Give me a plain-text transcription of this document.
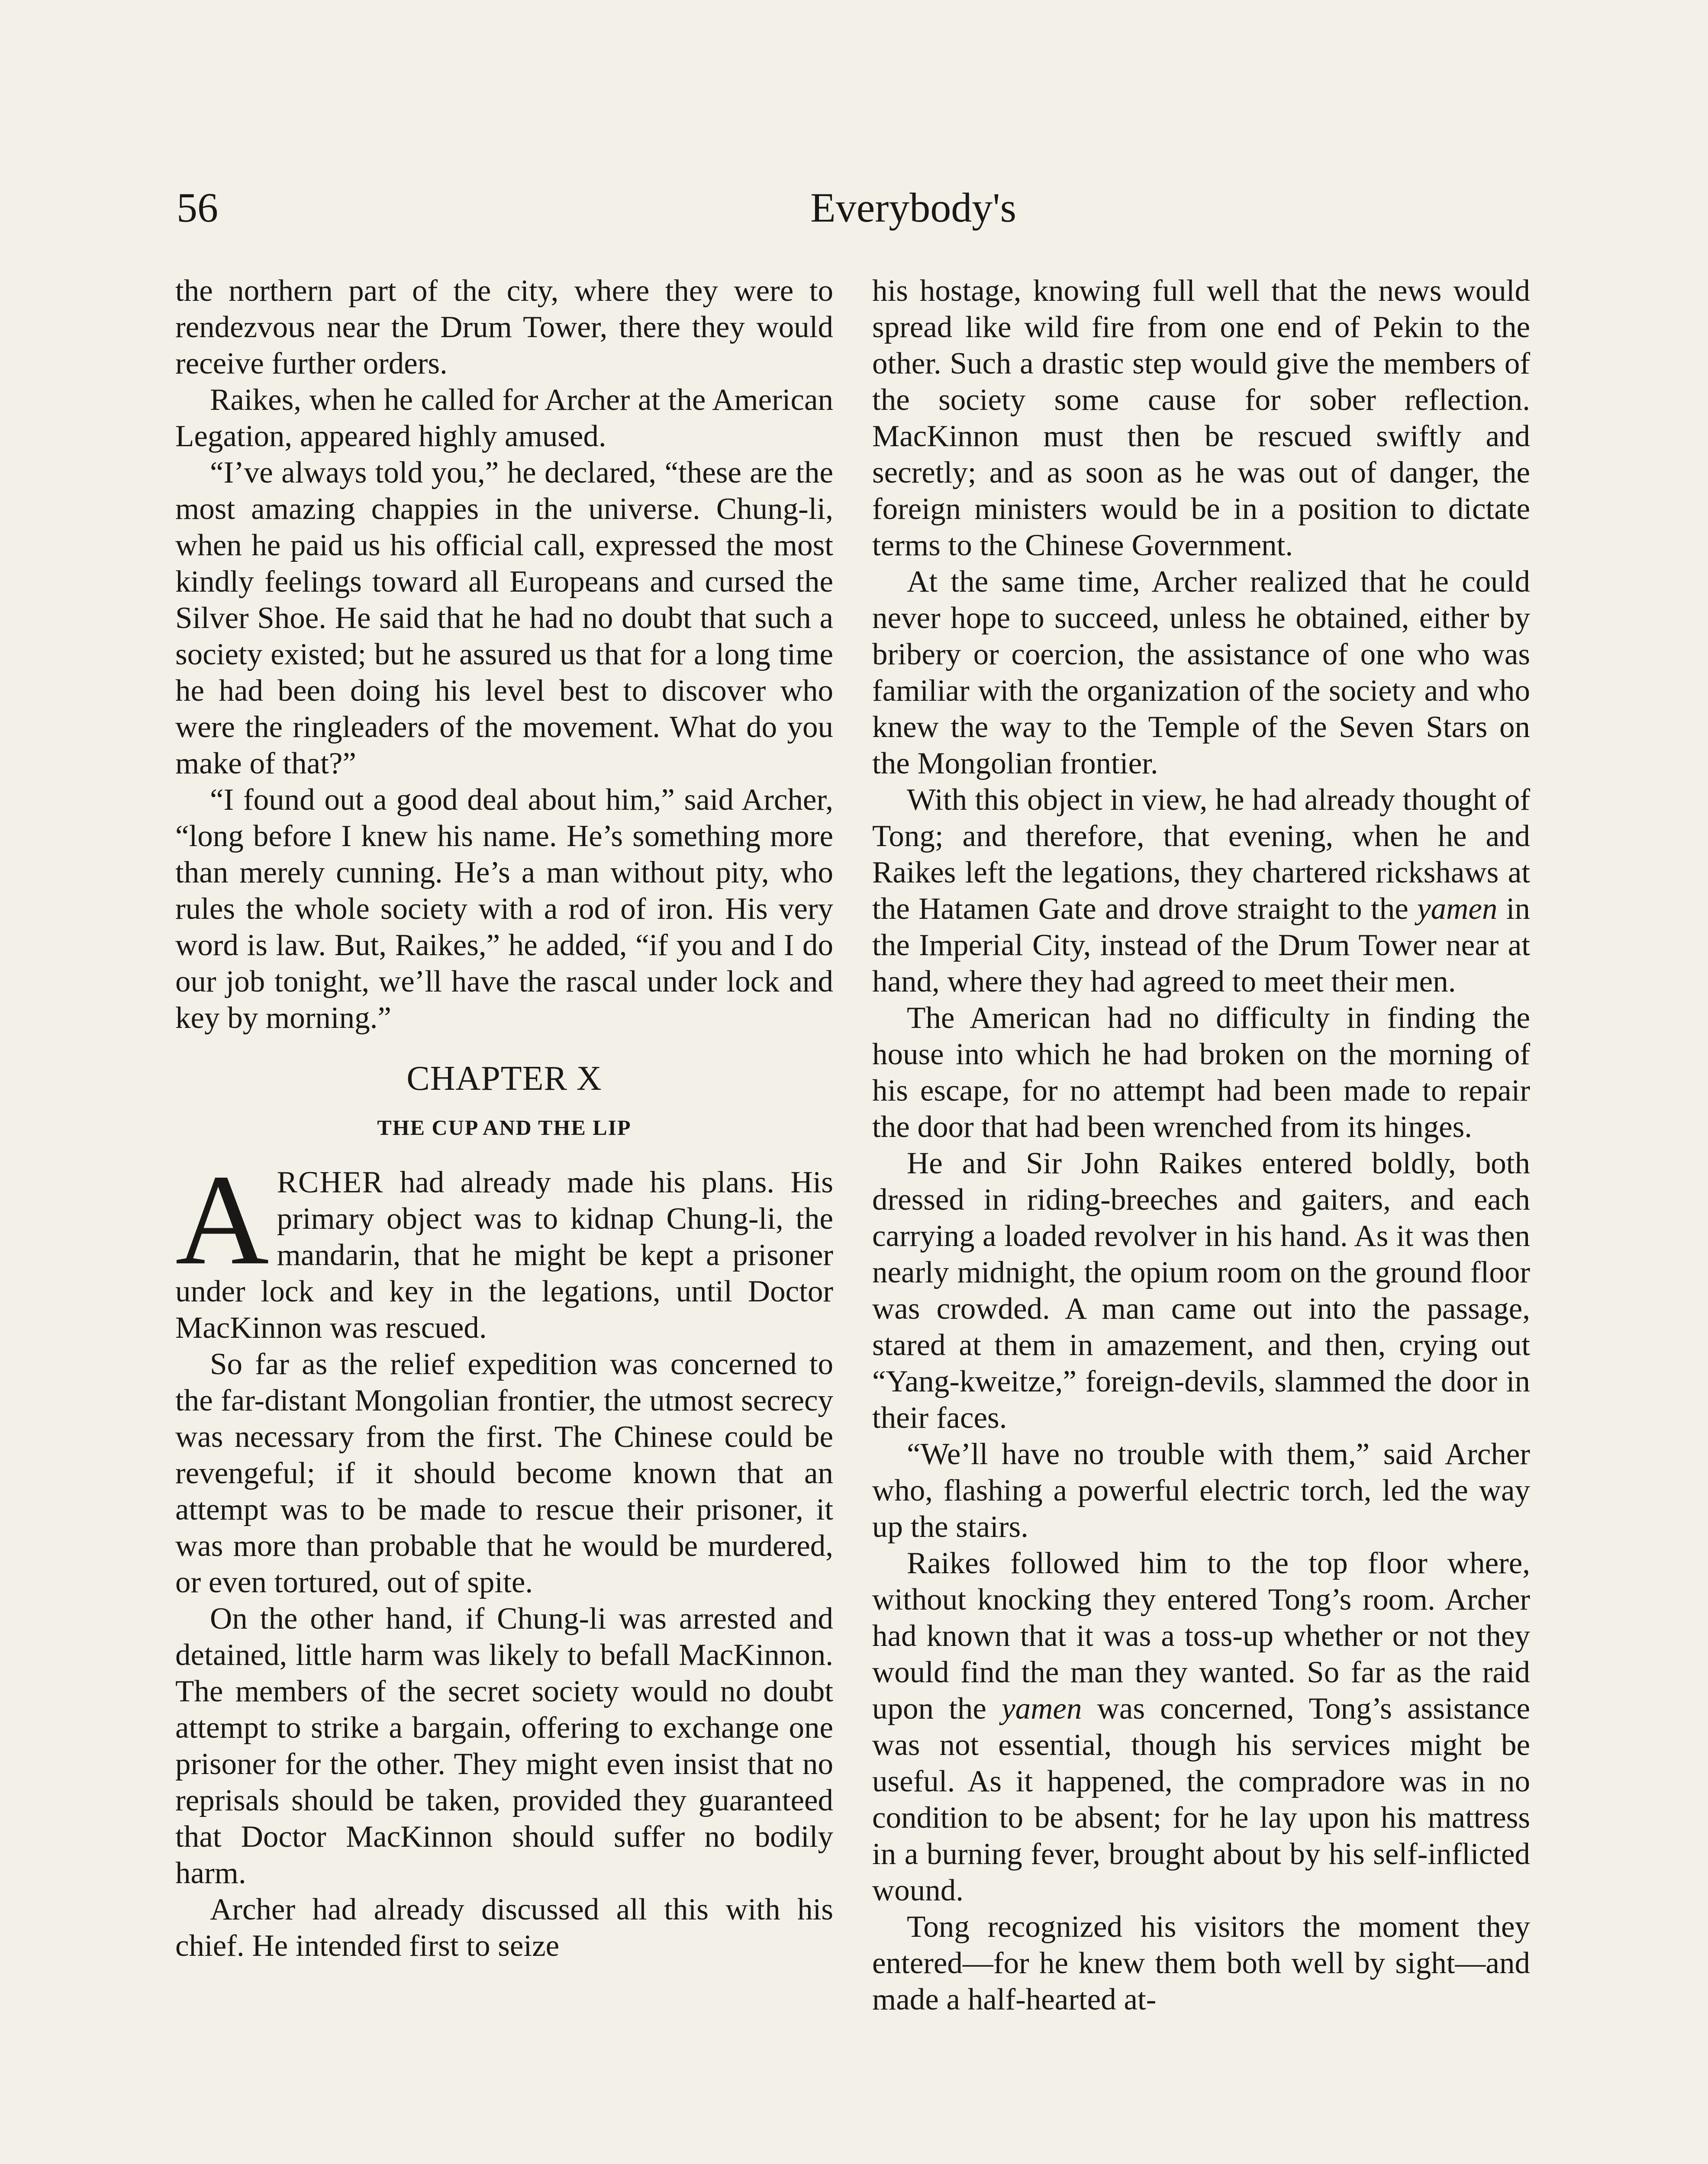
56	Everybody's

the northern part of the city, where they were to rendezvous near the Drum Tower, there they would receive further orders.

Raikes, when he called for Archer at the American Legation, appeared highly amused.

“I’ve always told you,” he declared, “these are the most amazing chappies in the universe. Chung-li, when he paid us his official call, expressed the most kindly feelings toward all Europeans and cursed the Silver Shoe. He said that he had no doubt that such a society existed; but he assured us that for a long time he had been doing his level best to discover who were the ringleaders of the movement. What do you make of that?”

“I found out a good deal about him,” said Archer, “long before I knew his name. He’s something more than merely cunning. He’s a man without pity, who rules the whole society with a rod of iron. His very word is law. But, Raikes,” he added, “if you and I do our job tonight, we’ll have the rascal under lock and key by morning.”

CHAPTER X
THE CUP AND THE LIP

ARCHER had already made his plans. His primary object was to kidnap Chung-li, the mandarin, that he might be kept a prisoner under lock and key in the legations, until Doctor MacKinnon was rescued.

So far as the relief expedition was concerned to the far-distant Mongolian frontier, the utmost secrecy was necessary from the first. The Chinese could be revengeful; if it should become known that an attempt was to be made to rescue their prisoner, it was more than probable that he would be murdered, or even tortured, out of spite.

On the other hand, if Chung-li was arrested and detained, little harm was likely to befall MacKinnon. The members of the secret society would no doubt attempt to strike a bargain, offering to exchange one prisoner for the other. They might even insist that no reprisals should be taken, provided they guaranteed that Doctor MacKinnon should suffer no bodily harm.

Archer had already discussed all this with his chief. He intended first to seize

his hostage, knowing full well that the news would spread like wild fire from one end of Pekin to the other. Such a drastic step would give the members of the society some cause for sober reflection. MacKinnon must then be rescued swiftly and secretly; and as soon as he was out of danger, the foreign ministers would be in a position to dictate terms to the Chinese Government.

At the same time, Archer realized that he could never hope to succeed, unless he obtained, either by bribery or coercion, the assistance of one who was familiar with the organization of the society and who knew the way to the Temple of the Seven Stars on the Mongolian frontier.

With this object in view, he had already thought of Tong; and therefore, that evening, when he and Raikes left the legations, they chartered rickshaws at the Hatamen Gate and drove straight to the yamen in the Imperial City, instead of the Drum Tower near at hand, where they had agreed to meet their men.

The American had no difficulty in finding the house into which he had broken on the morning of his escape, for no attempt had been made to repair the door that had been wrenched from its hinges.

He and Sir John Raikes entered boldly, both dressed in riding-breeches and gaiters, and each carrying a loaded revolver in his hand. As it was then nearly midnight, the opium room on the ground floor was crowded. A man came out into the passage, stared at them in amazement, and then, crying out “Yang-kweitze,” foreign-devils, slammed the door in their faces.

“We’ll have no trouble with them,” said Archer who, flashing a powerful electric torch, led the way up the stairs.

Raikes followed him to the top floor where, without knocking they entered Tong’s room. Archer had known that it was a toss-up whether or not they would find the man they wanted. So far as the raid upon the yamen was concerned, Tong’s assistance was not essential, though his services might be useful. As it happened, the compradore was in no condition to be absent; for he lay upon his mattress in a burning fever, brought about by his self-inflicted wound.

Tong recognized his visitors the moment they entered—for he knew them both well by sight—and made a half-hearted at-
